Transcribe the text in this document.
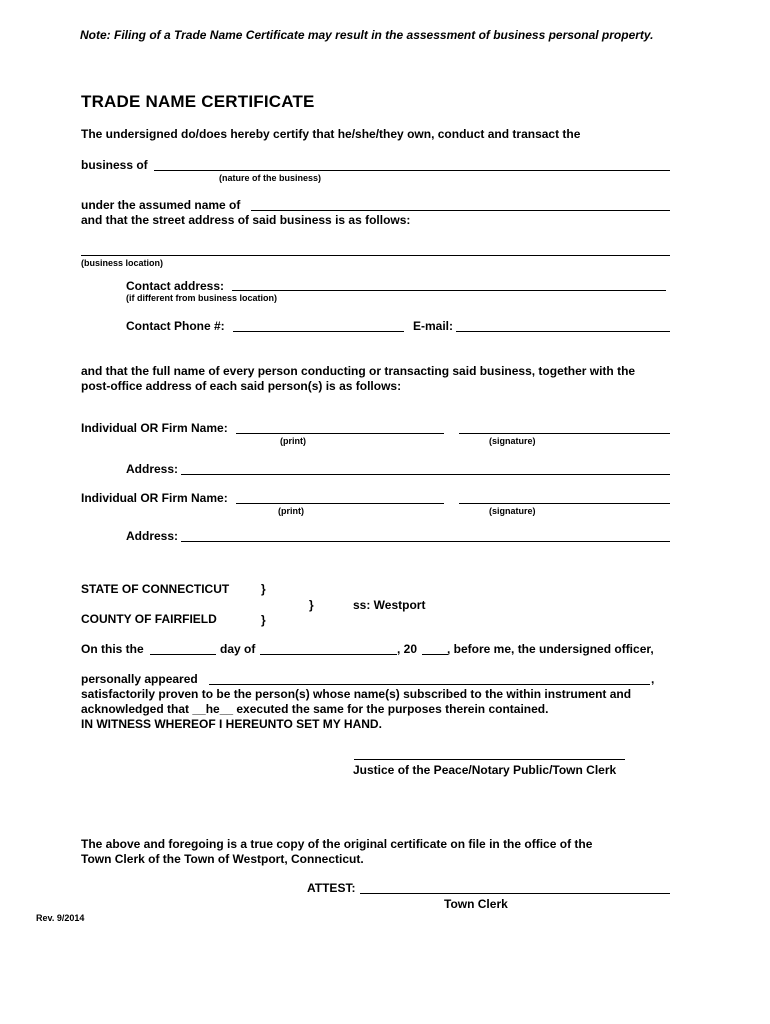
Note: Filing of a Trade Name Certificate may result in the assessment of business personal property.
TRADE NAME CERTIFICATE
The undersigned do/does hereby certify that he/she/they own, conduct and transact the
business of
(nature of the business)
under the assumed name of
and that the street address of said business is as follows:
(business location)
Contact address:
(if different from business location)
Contact Phone #:	E-mail:
and that the full name of every person conducting or transacting said business, together with the
post-office address of each said person(s) is as follows:
Individual OR Firm Name:
(print)	(signature)
Address:
Individual OR Firm Name:
(print)	(signature)
Address:
STATE OF CONNECTICUT	}
}	ss: Westport
COUNTY OF FAIRFIELD	}
On this the	day of	, 20 , before me, the undersigned officer,
personally appeared	,
satisfactorily proven to be the person(s) whose name(s) subscribed to the within instrument and
acknowledged that __he__ executed the same for the purposes therein contained.
IN WITNESS WHEREOF I HEREUNTO SET MY HAND.
Justice of the Peace/Notary Public/Town Clerk
The above and foregoing is a true copy of the original certificate on file in the office of the
Town Clerk of the Town of Westport, Connecticut.
ATTEST:
Town Clerk
Rev. 9/2014
